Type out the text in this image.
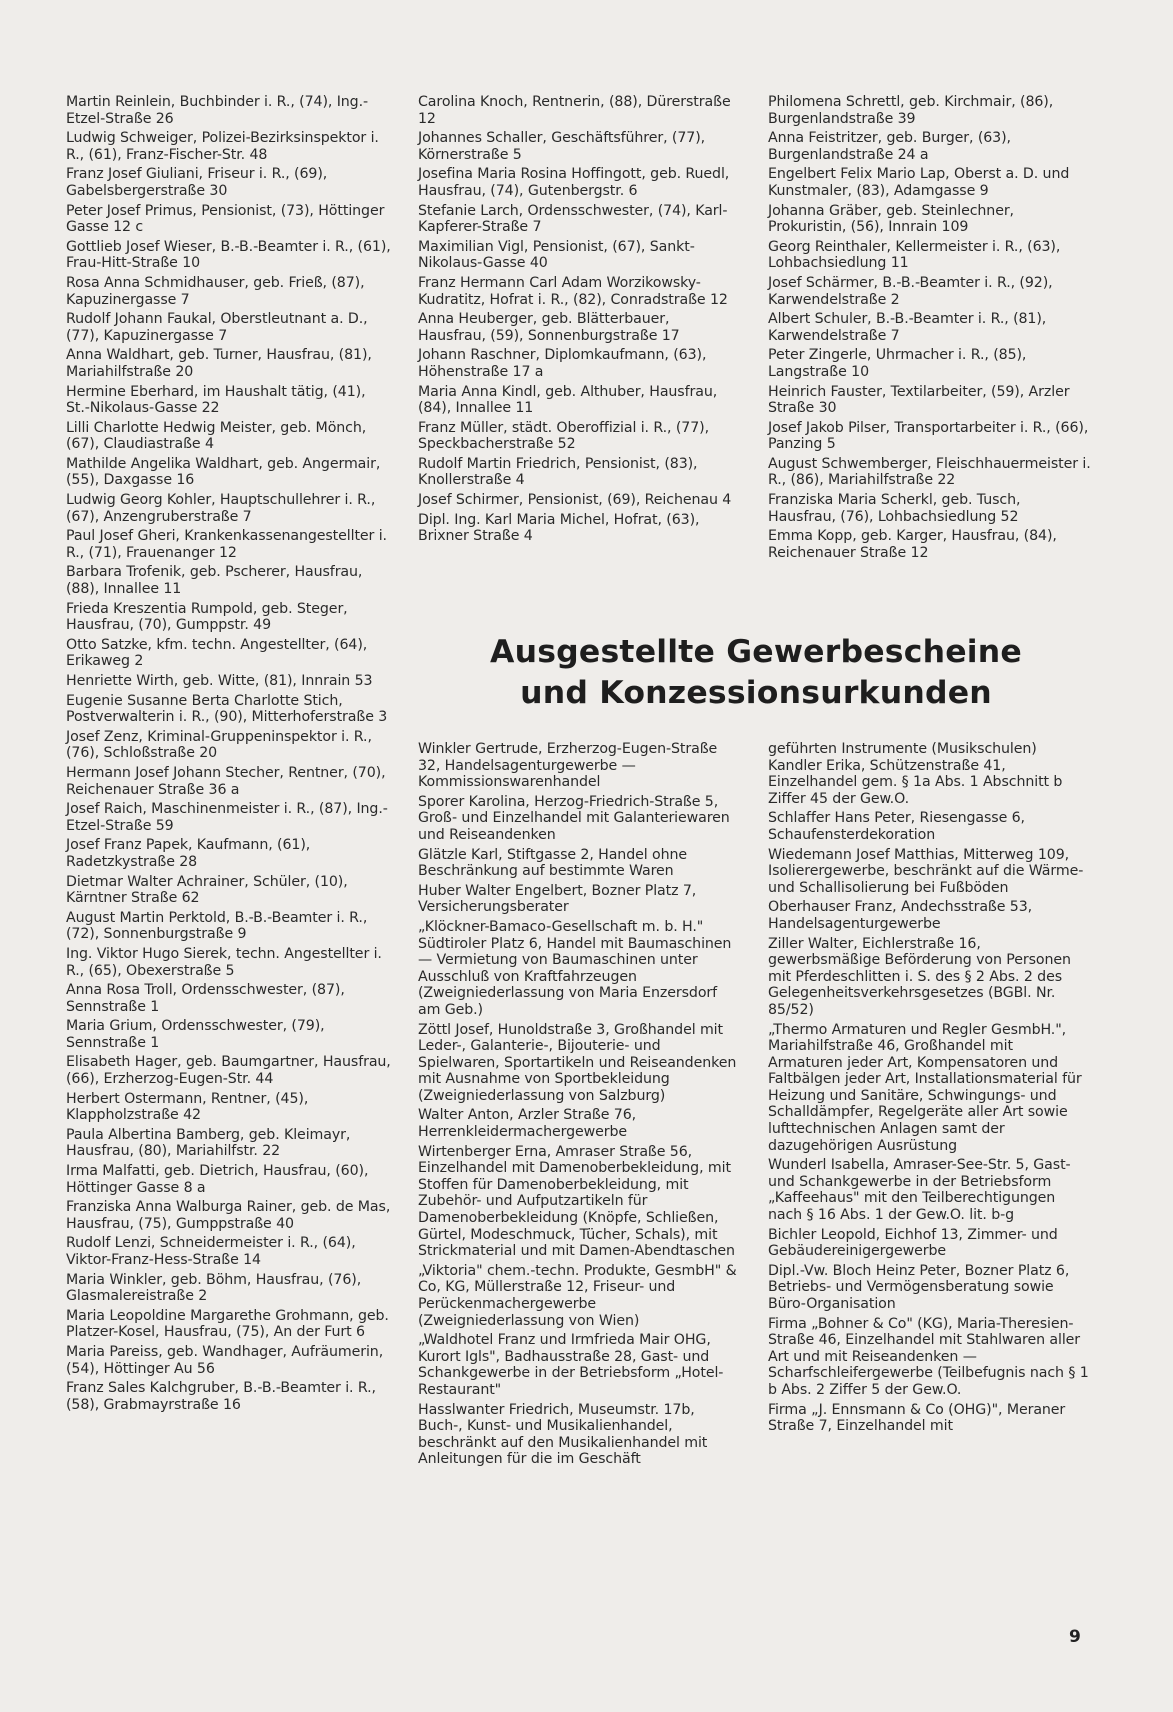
Martin Reinlein, Buchbinder i. R., (74), Ing.-Etzel-Straße 26

Ludwig Schweiger, Polizei-Bezirksinspektor i. R., (61), Franz-Fischer-Str. 48

Franz Josef Giuliani, Friseur i. R., (69), Gabelsbergerstraße 30

Peter Josef Primus, Pensionist, (73), Höttinger Gasse 12 c

Gottlieb Josef Wieser, B.-B.-Beamter i. R., (61), Frau-Hitt-Straße 10

Rosa Anna Schmidhauser, geb. Frieß, (87), Kapuzinergasse 7

Rudolf Johann Faukal, Oberstleutnant a. D., (77), Kapuzinergasse 7

Anna Waldhart, geb. Turner, Hausfrau, (81), Mariahilfstraße 20

Hermine Eberhard, im Haushalt tätig, (41), St.-Nikolaus-Gasse 22

Lilli Charlotte Hedwig Meister, geb. Mönch, (67), Claudiastraße 4

Mathilde Angelika Waldhart, geb. Angermair, (55), Daxgasse 16

Ludwig Georg Kohler, Hauptschullehrer i. R., (67), Anzengruberstraße 7

Paul Josef Gheri, Krankenkassenangestellter i. R., (71), Frauenanger 12

Barbara Trofenik, geb. Pscherer, Hausfrau, (88), Innallee 11

Frieda Kreszentia Rumpold, geb. Steger, Hausfrau, (70), Gumppstr. 49

Otto Satzke, kfm. techn. Angestellter, (64), Erikaweg 2

Henriette Wirth, geb. Witte, (81), Innrain 53

Eugenie Susanne Berta Charlotte Stich, Postverwalterin i. R., (90), Mitterhoferstraße 3

Josef Zenz, Kriminal-Gruppeninspektor i. R., (76), Schloßstraße 20

Hermann Josef Johann Stecher, Rentner, (70), Reichenauer Straße 36 a

Josef Raich, Maschinenmeister i. R., (87), Ing.-Etzel-Straße 59

Josef Franz Papek, Kaufmann, (61), Radetzkystraße 28

Dietmar Walter Achrainer, Schüler, (10), Kärntner Straße 62

August Martin Perktold, B.-B.-Beamter i. R., (72), Sonnenburgstraße 9

Ing. Viktor Hugo Sierek, techn. Angestellter i. R., (65), Obexerstraße 5

Anna Rosa Troll, Ordensschwester, (87), Sennstraße 1

Maria Grium, Ordensschwester, (79), Sennstraße 1

Elisabeth Hager, geb. Baumgartner, Hausfrau, (66), Erzherzog-Eugen-Str. 44

Herbert Ostermann, Rentner, (45), Klappholzstraße 42

Paula Albertina Bamberg, geb. Kleimayr, Hausfrau, (80), Mariahilfstr. 22

Irma Malfatti, geb. Dietrich, Hausfrau, (60), Höttinger Gasse 8 a

Franziska Anna Walburga Rainer, geb. de Mas, Hausfrau, (75), Gumppstraße 40

Rudolf Lenzi, Schneidermeister i. R., (64), Viktor-Franz-Hess-Straße 14

Maria Winkler, geb. Böhm, Hausfrau, (76), Glasmalereistraße 2

Maria Leopoldine Margarethe Grohmann, geb. Platzer-Kosel, Hausfrau, (75), An der Furt 6

Maria Pareiss, geb. Wandhager, Aufräumerin, (54), Höttinger Au 56

Franz Sales Kalchgruber, B.-B.-Beamter i. R., (58), Grabmayrstraße 16

Carolina Knoch, Rentnerin, (88), Dürerstraße 12

Johannes Schaller, Geschäftsführer, (77), Körnerstraße 5

Josefina Maria Rosina Hoffingott, geb. Ruedl, Hausfrau, (74), Gutenbergstr. 6

Stefanie Larch, Ordensschwester, (74), Karl-Kapferer-Straße 7

Maximilian Vigl, Pensionist, (67), Sankt-Nikolaus-Gasse 40

Franz Hermann Carl Adam Worzikowsky-Kudratitz, Hofrat i. R., (82), Conradstraße 12

Anna Heuberger, geb. Blätterbauer, Hausfrau, (59), Sonnenburgstraße 17

Johann Raschner, Diplomkaufmann, (63), Höhenstraße 17 a

Maria Anna Kindl, geb. Althuber, Hausfrau, (84), Innallee 11

Franz Müller, städt. Oberoffizial i. R., (77), Speckbacherstraße 52

Rudolf Martin Friedrich, Pensionist, (83), Knollerstraße 4

Josef Schirmer, Pensionist, (69), Reichenau 4

Dipl. Ing. Karl Maria Michel, Hofrat, (63), Brixner Straße 4

Philomena Schrettl, geb. Kirchmair, (86), Burgenlandstraße 39

Anna Feistritzer, geb. Burger, (63), Burgenlandstraße 24 a

Engelbert Felix Mario Lap, Oberst a. D. und Kunstmaler, (83), Adamgasse 9

Johanna Gräber, geb. Steinlechner, Prokuristin, (56), Innrain 109

Georg Reinthaler, Kellermeister i. R., (63), Lohbachsiedlung 11

Josef Schärmer, B.-B.-Beamter i. R., (92), Karwendelstraße 2

Albert Schuler, B.-B.-Beamter i. R., (81), Karwendelstraße 7

Peter Zingerle, Uhrmacher i. R., (85), Langstraße 10

Heinrich Fauster, Textilarbeiter, (59), Arzler Straße 30

Josef Jakob Pilser, Transportarbeiter i. R., (66), Panzing 5

August Schwemberger, Fleischhauermeister i. R., (86), Mariahilfstraße 22

Franziska Maria Scherkl, geb. Tusch, Hausfrau, (76), Lohbachsiedlung 52

Emma Kopp, geb. Karger, Hausfrau, (84), Reichenauer Straße 12

Ausgestellte Gewerbescheine
und Konzessionsurkunden

Winkler Gertrude, Erzherzog-Eugen-Straße 32, Handelsagenturgewerbe — Kommissionswarenhandel

Sporer Karolina, Herzog-Friedrich-Straße 5, Groß- und Einzelhandel mit Galanteriewaren und Reiseandenken

Glätzle Karl, Stiftgasse 2, Handel ohne Beschränkung auf bestimmte Waren

Huber Walter Engelbert, Bozner Platz 7, Versicherungsberater

„Klöckner-Bamaco-Gesellschaft m. b. H." Südtiroler Platz 6, Handel mit Baumaschinen — Vermietung von Baumaschinen unter Ausschluß von Kraftfahrzeugen (Zweigniederlassung von Maria Enzersdorf am Geb.)

Zöttl Josef, Hunoldstraße 3, Großhandel mit Leder-, Galanterie-, Bijouterie- und Spielwaren, Sportartikeln und Reiseandenken mit Ausnahme von Sportbekleidung (Zweigniederlassung von Salzburg)

Walter Anton, Arzler Straße 76, Herrenkleidermachergewerbe

Wirtenberger Erna, Amraser Straße 56, Einzelhandel mit Damenoberbekleidung, mit Stoffen für Damenoberbekleidung, mit Zubehör- und Aufputzartikeln für Damenoberbekleidung (Knöpfe, Schließen, Gürtel, Modeschmuck, Tücher, Schals), mit Strickmaterial und mit Damen-Abendtaschen

„Viktoria" chem.-techn. Produkte, GesmbH" & Co, KG, Müllerstraße 12, Friseur- und Perückenmachergewerbe (Zweigniederlassung von Wien)

„Waldhotel Franz und Irmfrieda Mair OHG, Kurort Igls", Badhausstraße 28, Gast- und Schankgewerbe in der Betriebsform „Hotel-Restaurant"

Hasslwanter Friedrich, Museumstr. 17b, Buch-, Kunst- und Musikalienhandel, beschränkt auf den Musikalienhandel mit Anleitungen für die im Geschäft

geführten Instrumente (Musikschulen) Kandler Erika, Schützenstraße 41, Einzelhandel gem. § 1a Abs. 1 Abschnitt b Ziffer 45 der Gew.O.

Schlaffer Hans Peter, Riesengasse 6, Schaufensterdekoration

Wiedemann Josef Matthias, Mitterweg 109, Isolierergewerbe, beschränkt auf die Wärme- und Schallisolierung bei Fußböden

Oberhauser Franz, Andechsstraße 53, Handelsagenturgewerbe

Ziller Walter, Eichlerstraße 16, gewerbsmäßige Beförderung von Personen mit Pferdeschlitten i. S. des § 2 Abs. 2 des Gelegenheitsverkehrsgesetzes (BGBl. Nr. 85/52)

„Thermo Armaturen und Regler GesmbH.", Mariahilfstraße 46, Großhandel mit Armaturen jeder Art, Kompensatoren und Faltbälgen jeder Art, Installationsmaterial für Heizung und Sanitäre, Schwingungs- und Schalldämpfer, Regelgeräte aller Art sowie lufttechnischen Anlagen samt der dazugehörigen Ausrüstung

Wunderl Isabella, Amraser-See-Str. 5, Gast- und Schankgewerbe in der Betriebsform „Kaffeehaus" mit den Teilberechtigungen nach § 16 Abs. 1 der Gew.O. lit. b-g

Bichler Leopold, Eichhof 13, Zimmer- und Gebäudereinigergewerbe

Dipl.-Vw. Bloch Heinz Peter, Bozner Platz 6, Betriebs- und Vermögensberatung sowie Büro-Organisation

Firma „Bohner & Co" (KG), Maria-Theresien-Straße 46, Einzelhandel mit Stahlwaren aller Art und mit Reiseandenken — Scharfschleifergewerbe (Teilbefugnis nach § 1 b Abs. 2 Ziffer 5 der Gew.O.

Firma „J. Ennsmann & Co (OHG)", Meraner Straße 7, Einzelhandel mit

9
